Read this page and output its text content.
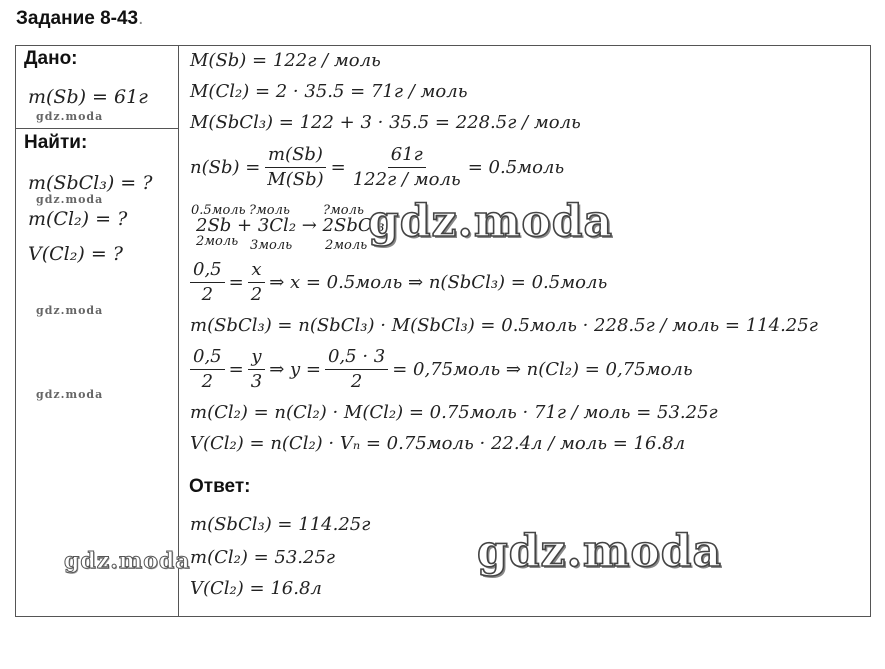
Задание 8-43.
Дано:
m(Sb) = 61г
Найти:
m(SbCl₃) = ?
m(Cl₂) = ?
V(Cl₂) = ?
gdz.moda
gdz.moda
gdz.moda
gdz.moda
M(Sb) = 122г / моль
M(Cl₂) = 2 · 35.5 = 71г / моль
M(SbCl₃) = 122 + 3 · 35.5 = 228.5г / моль
$n(Sb) = \frac{m(Sb)}{M(Sb)} = \frac{61г}{\text{122г / моль}}$ = 0.5моль
0.5моль ?моль	?моль
2Sb + 3Cl₂ → 2SbCl₃
2моль 3моль	2моль
$\frac{0,5}{2} = \frac{x}{2}$ ⇒ x = 0.5моль ⇒ n(SbCl₃) = 0.5моль
m(SbCl₃) = n(SbCl₃) · M(SbCl₃) = 0.5моль · 228.5г / моль = 114.25г
$\frac{0,5}{2} = \frac{y}{3}$ ⇒ $y = \frac{0,5 \cdot 3}{2}$ = 0,75моль ⇒ n(Cl₂) = 0,75моль
m(Cl₂) = n(Cl₂) · M(Cl₂) = 0.75моль · 71г / моль = 53.25г
V(Cl₂) = n(Cl₂) · Vₙ = 0.75моль · 22.4л / моль = 16.8л
Ответ:
m(SbCl₃) = 114.25г
m(Cl₂) = 53.25г
V(Cl₂) = 16.8л
gdz.moda
gdz.moda
gdz.moda
